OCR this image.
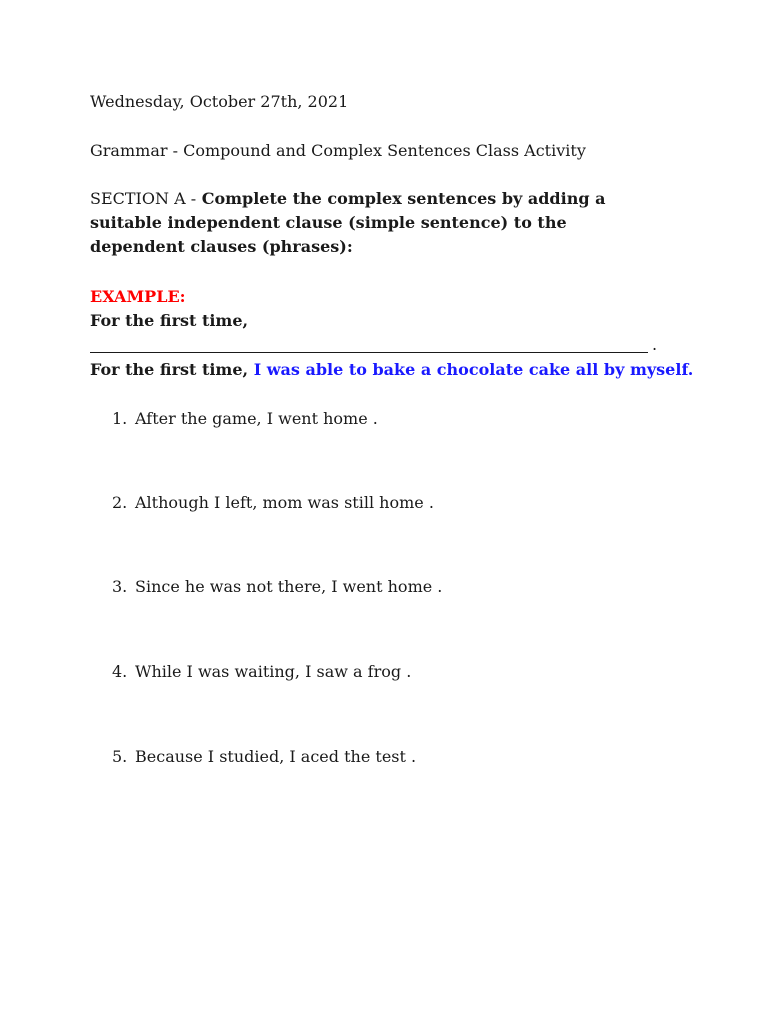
Wednesday, October 27th, 2021
Grammar - Compound and Complex Sentences Class Activity
SECTION A - Complete the complex sentences by adding a suitable independent clause (simple sentence) to the dependent clauses (phrases):
EXAMPLE:
For the first time,
.
For the first time, I was able to bake a chocolate cake all by myself.
1. After the game, I went home .
2. Although I left, mom was still home .
3. Since he was not there, I went home .
4. While I was waiting, I saw a frog .
5. Because I studied, I aced the test .
